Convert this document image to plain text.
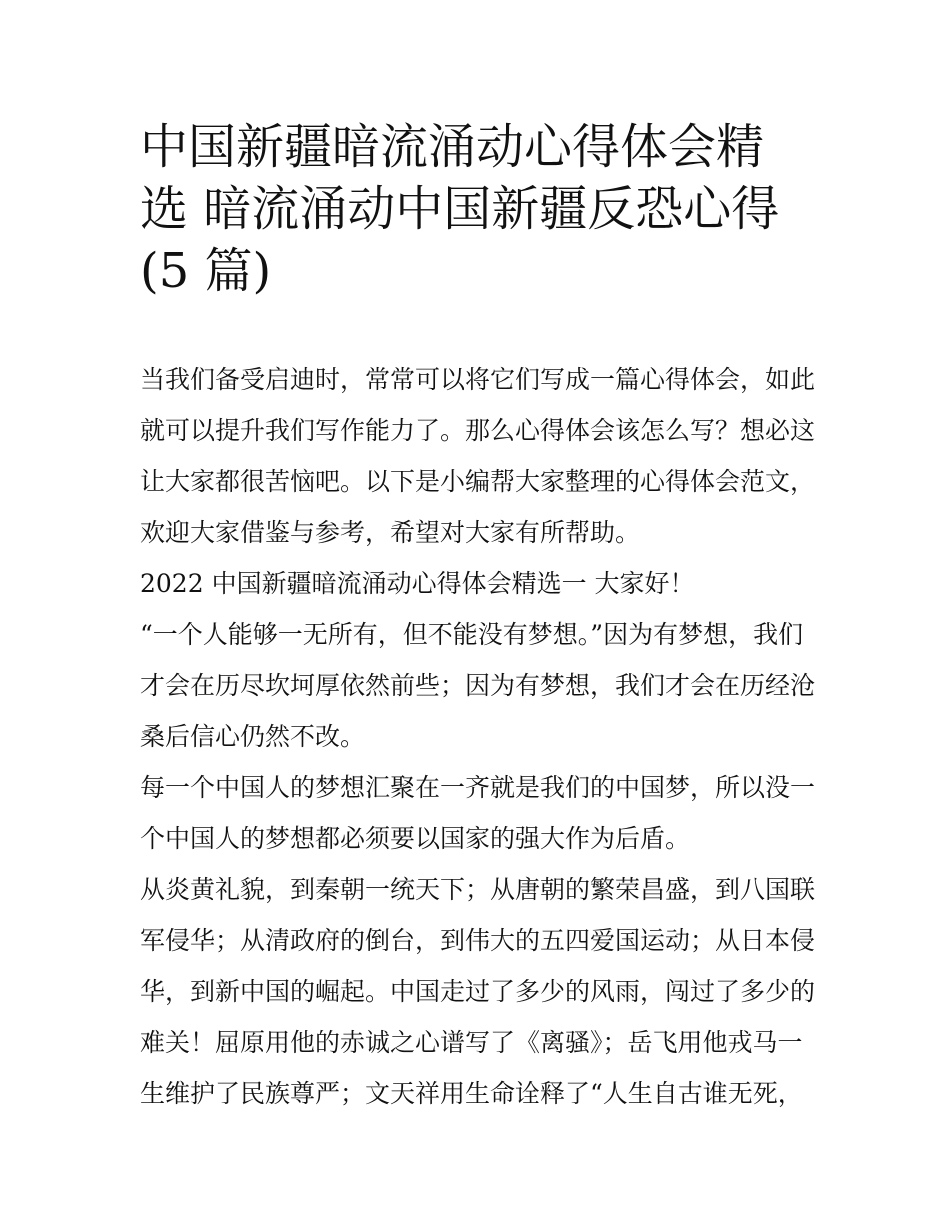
中国新疆暗流涌动心得体会精
选 暗流涌动中国新疆反恐心得
(5 篇)

当我们备受启迪时，常常可以将它们写成一篇心得体会，如此
就可以提升我们写作能力了。那么心得体会该怎么写？想必这
让大家都很苦恼吧。以下是小编帮大家整理的心得体会范文，
欢迎大家借鉴与参考，希望对大家有所帮助。

2022 中国新疆暗流涌动心得体会精选一 大家好！

“一个人能够一无所有，但不能没有梦想。”因为有梦想，我们
才会在历尽坎坷厚依然前些；因为有梦想，我们才会在历经沧
桑后信心仍然不改。

每一个中国人的梦想汇聚在一齐就是我们的中国梦，所以没一
个中国人的梦想都必须要以国家的强大作为后盾。

从炎黄礼貌，到秦朝一统天下；从唐朝的繁荣昌盛，到八国联
军侵华；从清政府的倒台，到伟大的五四爱国运动；从日本侵
华，到新中国的崛起。中国走过了多少的风雨，闯过了多少的
难关！屈原用他的赤诚之心谱写了《离骚》；岳飞用他戎马一
生维护了民族尊严；文天祥用生命诠释了“人生自古谁无死，
